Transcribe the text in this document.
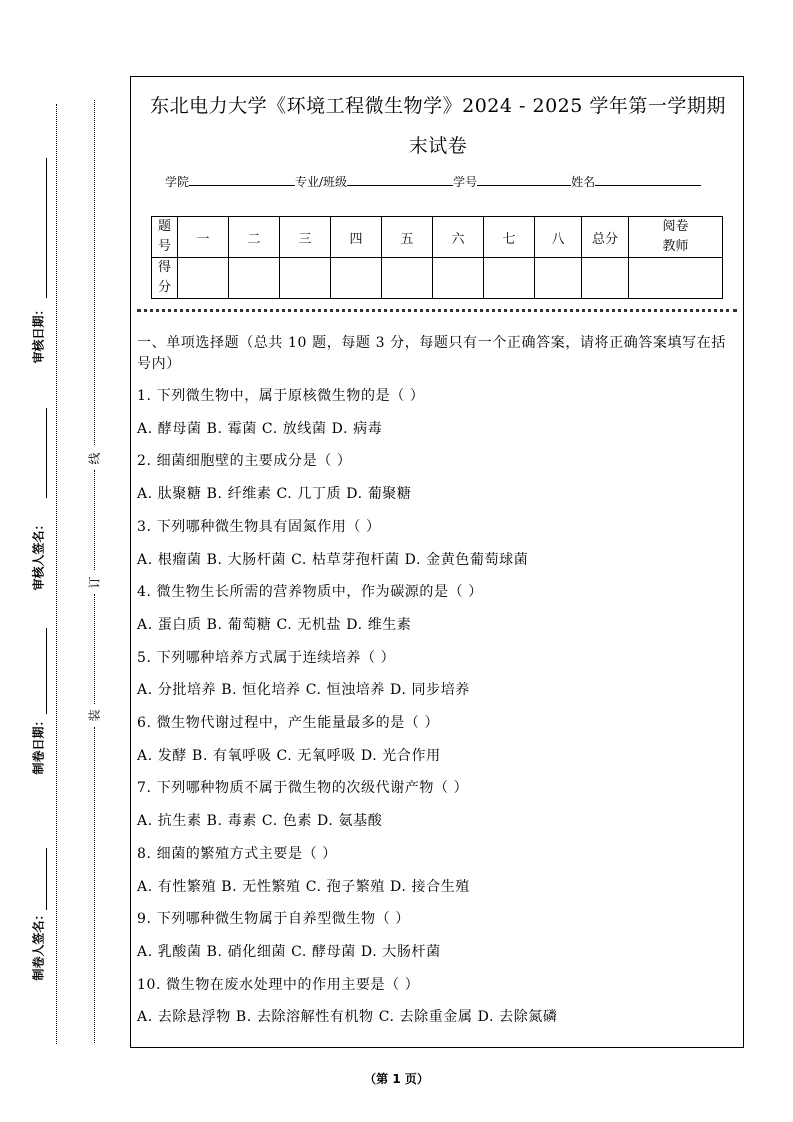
审核日期：
审核人签名：
制卷日期：
制卷人签名：
线
订
装
东北电力大学《环境工程微生物学》2024 - 2025 学年第一学期期
末试卷
学院	专业/班级	学号	姓名
题号	一	二	三	四	五	六	七	八	总分	阅卷教师
得分										
一、单项选择题（总共 10 题，每题 3 分，每题只有一个正确答案，请将正确答案填写在括号内）
1. 下列微生物中，属于原核微生物的是（ ）
A. 酵母菌 B. 霉菌 C. 放线菌 D. 病毒
2. 细菌细胞壁的主要成分是（ ）
A. 肽聚糖 B. 纤维素 C. 几丁质 D. 葡聚糖
3. 下列哪种微生物具有固氮作用（ ）
A. 根瘤菌 B. 大肠杆菌 C. 枯草芽孢杆菌 D. 金黄色葡萄球菌
4. 微生物生长所需的营养物质中，作为碳源的是（ ）
A. 蛋白质 B. 葡萄糖 C. 无机盐 D. 维生素
5. 下列哪种培养方式属于连续培养（ ）
A. 分批培养 B. 恒化培养 C. 恒浊培养 D. 同步培养
6. 微生物代谢过程中，产生能量最多的是（ ）
A. 发酵 B. 有氧呼吸 C. 无氧呼吸 D. 光合作用
7. 下列哪种物质不属于微生物的次级代谢产物（ ）
A. 抗生素 B. 毒素 C. 色素 D. 氨基酸
8. 细菌的繁殖方式主要是（ ）
A. 有性繁殖 B. 无性繁殖 C. 孢子繁殖 D. 接合生殖
9. 下列哪种微生物属于自养型微生物（ ）
A. 乳酸菌 B. 硝化细菌 C. 酵母菌 D. 大肠杆菌
10. 微生物在废水处理中的作用主要是（ ）
A. 去除悬浮物 B. 去除溶解性有机物 C. 去除重金属 D. 去除氮磷
（第 1 页）
